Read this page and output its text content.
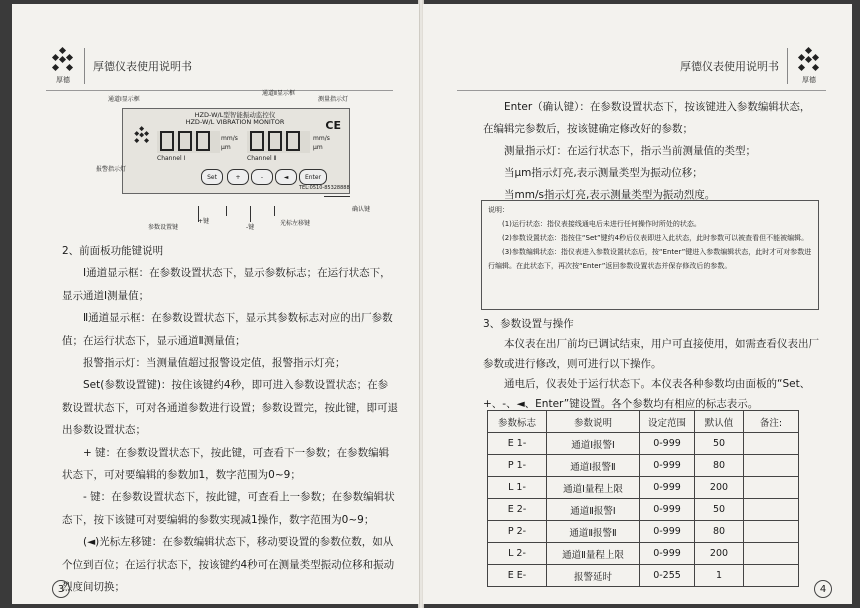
厚德
厚德仪表使用说明书
通道Ⅰ显示框
通道Ⅱ显示框
测量指示灯
HZD-W/L型智能振动监控仪
HZD-W/L VIBRATION MONITOR
mm/s
μm
mm/s
μm
CE
Channel Ⅰ	Channel Ⅱ
Set	+	-	◄	Enter
TEL:0510-85328888
报警指示灯
参数设置键
+键
-键
光标左移键
确认键
2、前面板功能键说明

Ⅰ通道显示框：在参数设置状态下，显示参数标志；在运行状态下，显示通道Ⅰ测量值；

Ⅱ通道显示框：在参数设置状态下，显示其参数标志对应的出厂参数值；在运行状态下，显示通道Ⅱ测量值；

报警指示灯：当测量值超过报警设定值，报警指示灯亮；

Set(参数设置键)：按住该键约4秒，即可进入参数设置状态；在参数设置状态下，可对各通道参数进行设置；参数设置完，按此键，即可退出参数设置状态；

+ 键：在参数设置状态下，按此键，可查看下一参数；在参数编辑状态下，可对要编辑的参数加1，数字范围为0~9；

- 键：在参数设置状态下，按此键，可查看上一参数；在参数编辑状态下，按下该键可对要编辑的参数实现减1操作，数字范围为0~9；

(◄)光标左移键：在参数编辑状态下，移动要设置的参数位数，如从个位到百位；在运行状态下，按该键约4秒可在测量类型振动位移和振动烈度间切换；

3
厚德仪表使用说明书
厚德

Enter（确认键）：在参数设置状态下，按该键进入参数编辑状态，在编辑完参数后，按该键确定修改好的参数；

测量指示灯：在运行状态下，指示当前测量值的类型；

当μm指示灯亮,表示测量类型为振动位移；

当mm/s指示灯亮,表示测量类型为振动烈度。

说明：

(1)运行状态：指仪表接线通电后未进行任何操作时所处的状态。

(2)参数设置状态：指按住“Set”键约4秒后仪表即进入此状态，此时参数可以被查看但不能被编辑。

(3)参数编辑状态：指仪表进入参数设置状态后，按“Enter”键进入参数编辑状态，此时才可对参数进行编辑。在此状态下，再次按“Enter”返回参数设置状态并保存修改后的参数。

3、参数设置与操作

本仪表在出厂前均已调试结束，用户可直接使用，如需查看仪表出厂参数或进行修改，则可进行以下操作。

通电后，仪表处于运行状态下。本仪表各种参数均由面板的“Set、+、-、◄、Enter”键设置。各个参数均有相应的标志表示。

参数标志	参数说明	设定范围	默认值	备注:
E 1-	通道Ⅰ报警Ⅰ	0-999	50	
P 1-	通道Ⅰ报警Ⅱ	0-999	80	
L 1-	通道Ⅰ量程上限	0-999	200	
E 2-	通道Ⅱ报警Ⅰ	0-999	50	
P 2-	通道Ⅱ报警Ⅱ	0-999	80	
L 2-	通道Ⅱ量程上限	0-999	200	
E E-	报警延时	0-255	1	
4
